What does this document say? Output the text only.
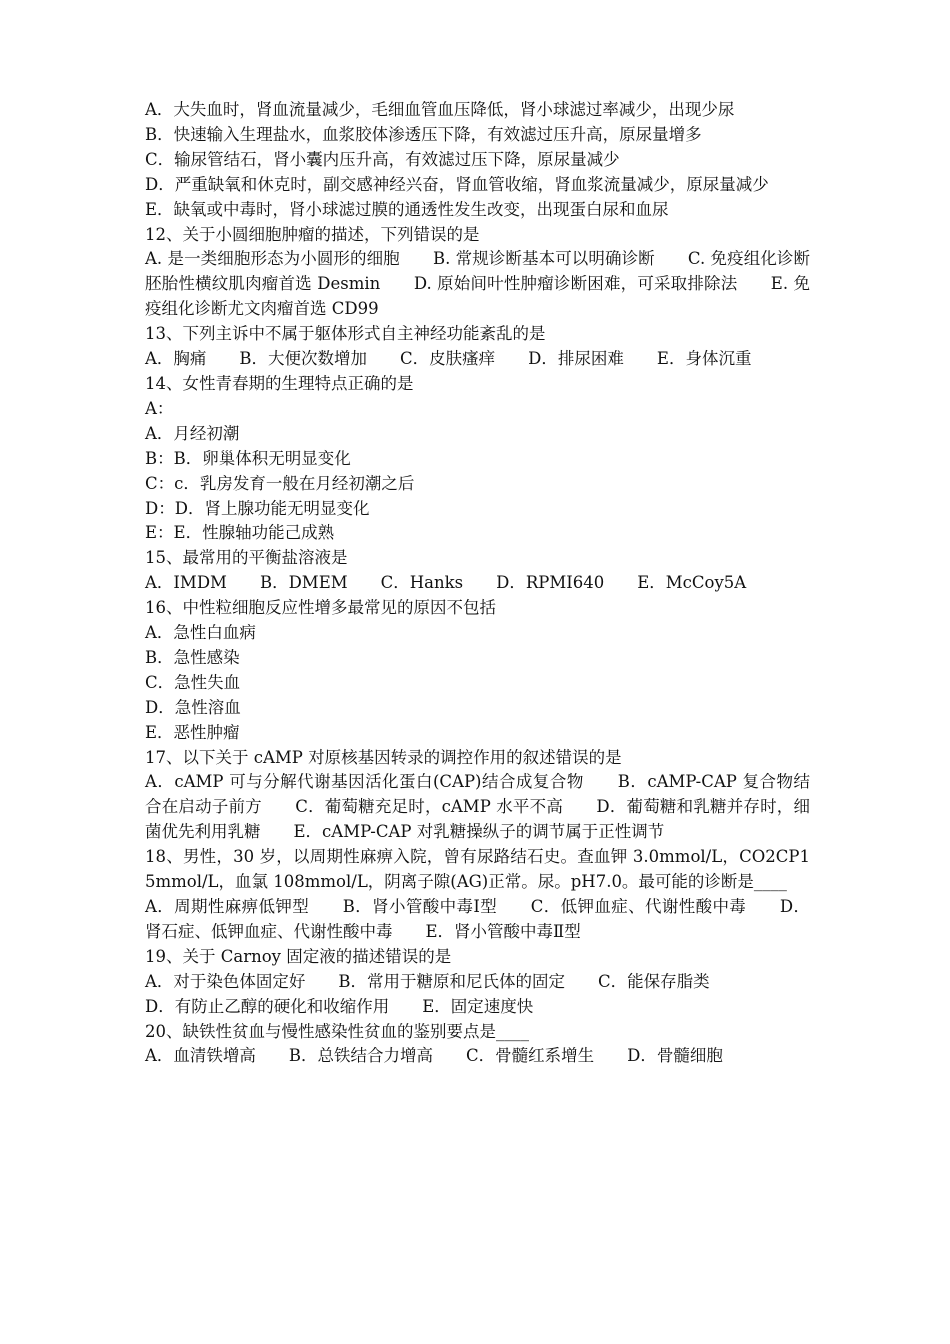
A．大失血时，肾血流量减少，毛细血管血压降低，肾小球滤过率减少，出现少尿

B．快速输入生理盐水，血浆胶体渗透压下降，有效滤过压升高，原尿量增多

C．输尿管结石，肾小囊内压升高，有效滤过压下降，原尿量减少

D．严重缺氧和休克时，副交感神经兴奋，肾血管收缩，肾血浆流量减少，原尿量减少

E．缺氧或中毒时，肾小球滤过膜的通透性发生改变，出现蛋白尿和血尿

12、关于小圆细胞肿瘤的描述，下列错误的是

A. 是一类细胞形态为小圆形的细胞　　B. 常规诊断基本可以明确诊断　　C. 免疫组化诊断胚胎性横纹肌肉瘤首选 Desmin　　D. 原始间叶性肿瘤诊断困难，可采取排除法　　E. 免疫组化诊断尤文肉瘤首选 CD99

13、下列主诉中不属于躯体形式自主神经功能紊乱的是

A．胸痛　　B．大便次数增加　　C．皮肤瘙痒　　D．排尿困难　　E．身体沉重

14、女性青春期的生理特点正确的是

A：

A．月经初潮

B：B．卵巢体积无明显变化

C：c．乳房发育一般在月经初潮之后

D：D．肾上腺功能无明显变化

E：E．性腺轴功能己成熟

15、最常用的平衡盐溶液是

A．IMDM　　B．DMEM　　C．Hanks　　D．RPMI640　　E．McCoy5A

16、中性粒细胞反应性增多最常见的原因不包括

A．急性白血病

B．急性感染

C．急性失血

D．急性溶血

E．恶性肿瘤

17、以下关于 cAMP 对原核基因转录的调控作用的叙述错误的是

A．cAMP 可与分解代谢基因活化蛋白(CAP)结合成复合物　　B．cAMP-CAP 复合物结合在启动子前方　　C．葡萄糖充足时，cAMP 水平不高　　D．葡萄糖和乳糖并存时，细菌优先利用乳糖　　E．cAMP-CAP 对乳糖操纵子的调节属于正性调节

18、男性，30 岁，以周期性麻痹入院，曾有尿路结石史。查血钾 3.0mmol/L，CO2CP15mmol/L，血氯 108mmol/L，阴离子隙(AG)正常。尿。pH7.0。最可能的诊断是____

A．周期性麻痹低钾型　　B．肾小管酸中毒Ⅰ型　　C．低钾血症、代谢性酸中毒　　D．肾石症、低钾血症、代谢性酸中毒　　E．肾小管酸中毒Ⅱ型

19、关于 Carnoy 固定液的描述错误的是

A．对于染色体固定好　　B．常用于糖原和尼氏体的固定　　C．能保存脂类

D．有防止乙醇的硬化和收缩作用　　E．固定速度快

20、缺铁性贫血与慢性感染性贫血的鉴别要点是____

A．血清铁增高　　B．总铁结合力增高　　C．骨髓红系增生　　D．骨髓细胞
